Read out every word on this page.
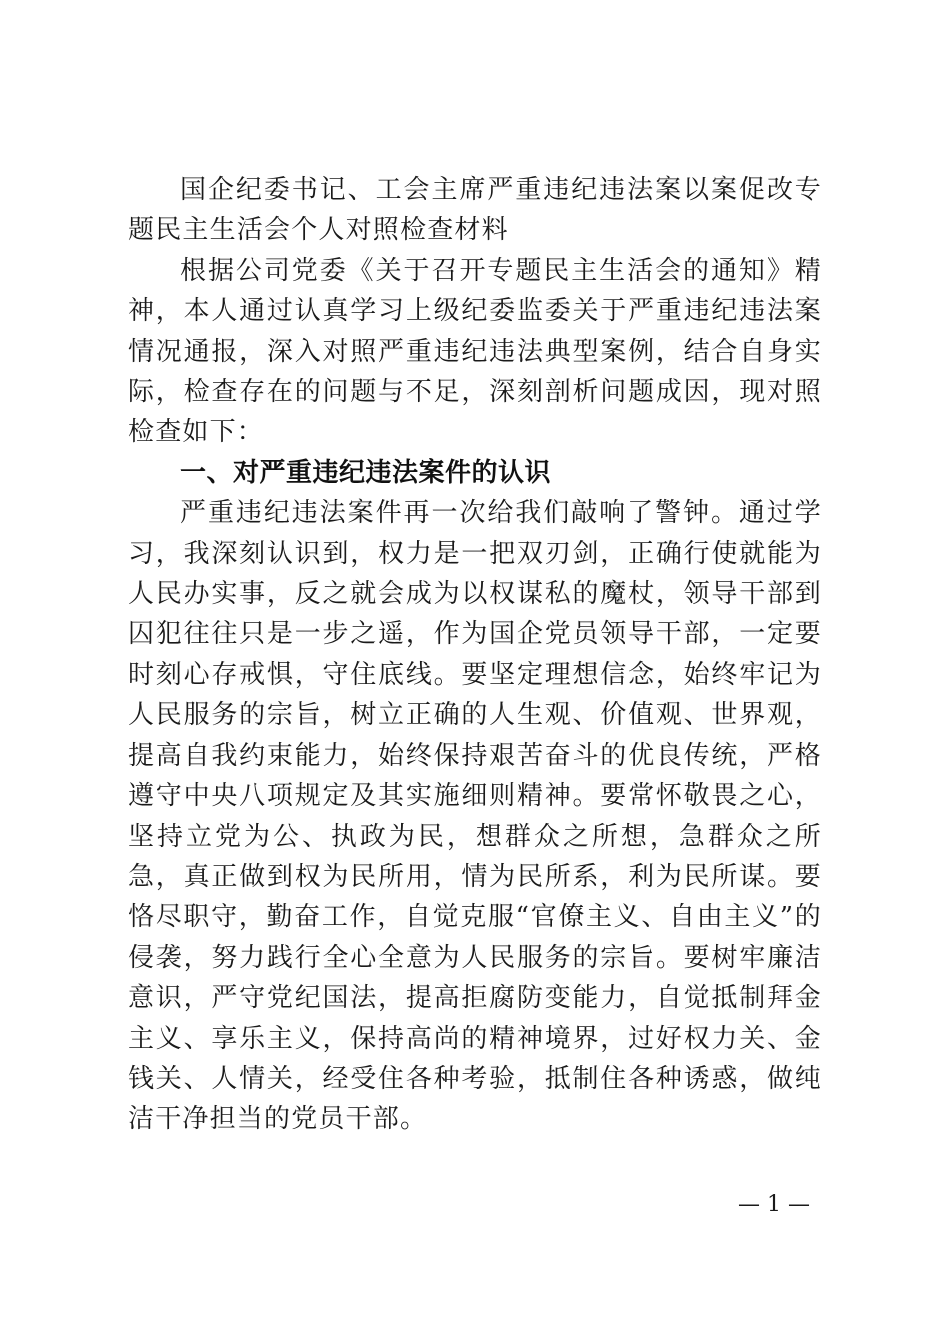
国企纪委书记、工会主席严重违纪违法案以案促改专题民主生活会个人对照检查材料

根据公司党委《关于召开专题民主生活会的通知》精神，本人通过认真学习上级纪委监委关于严重违纪违法案情况通报，深入对照严重违纪违法典型案例，结合自身实际，检查存在的问题与不足，深刻剖析问题成因，现对照检查如下：

一、对严重违纪违法案件的认识

严重违纪违法案件再一次给我们敲响了警钟。通过学习，我深刻认识到，权力是一把双刃剑，正确行使就能为人民办实事，反之就会成为以权谋私的魔杖，领导干部到囚犯往往只是一步之遥，作为国企党员领导干部，一定要时刻心存戒惧，守住底线。要坚定理想信念，始终牢记为人民服务的宗旨，树立正确的人生观、价值观、世界观，提高自我约束能力，始终保持艰苦奋斗的优良传统，严格遵守中央八项规定及其实施细则精神。要常怀敬畏之心，坚持立党为公、执政为民，想群众之所想，急群众之所急，真正做到权为民所用，情为民所系，利为民所谋。要恪尽职守，勤奋工作，自觉克服“官僚主义、自由主义”的侵袭，努力践行全心全意为人民服务的宗旨。要树牢廉洁意识，严守党纪国法，提高拒腐防变能力，自觉抵制拜金主义、享乐主义，保持高尚的精神境界，过好权力关、金钱关、人情关，经受住各种考验，抵制住各种诱惑，做纯洁干净担当的党员干部。

— 1 —
